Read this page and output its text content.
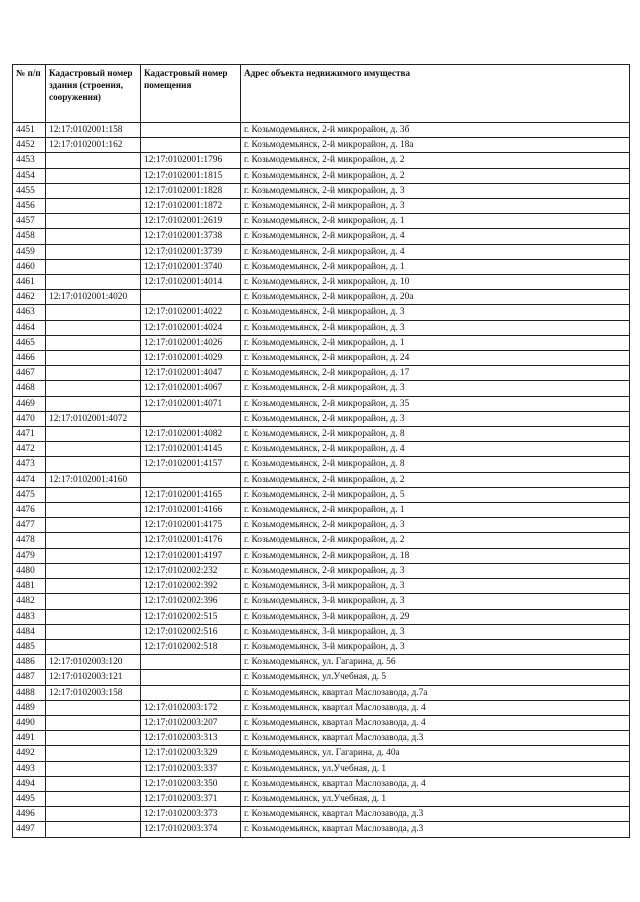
№ п/п	Кадастровый номер здания (строения, сооружения)	Кадастровый номер помещения	Адрес объекта недвижимого имущества
4451	12:17:0102001:158		г. Козьмодемьянск, 2-й микрорайон, д. 3б
4452	12:17:0102001:162		г. Козьмодемьянск, 2-й микрорайон, д. 18а
4453		12:17:0102001:1796	г. Козьмодемьянск, 2-й микрорайон, д. 2
4454		12:17:0102001:1815	г. Козьмодемьянск, 2-й микрорайон, д. 2
4455		12:17:0102001:1828	г. Козьмодемьянск, 2-й микрорайон, д. 3
4456		12:17:0102001:1872	г. Козьмодемьянск, 2-й микрорайон, д. 3
4457		12:17:0102001:2619	г. Козьмодемьянск, 2-й микрорайон, д. 1
4458		12:17:0102001:3738	г. Козьмодемьянск, 2-й микрорайон, д. 4
4459		12:17:0102001:3739	г. Козьмодемьянск, 2-й микрорайон, д. 4
4460		12:17:0102001:3740	г. Козьмодемьянск, 2-й микрорайон, д. 1
4461		12:17:0102001:4014	г. Козьмодемьянск, 2-й микрорайон, д. 10
4462	12:17:0102001:4020		г. Козьмодемьянск, 2-й микрорайон, д. 20а
4463		12:17:0102001:4022	г. Козьмодемьянск, 2-й микрорайон, д. 3
4464		12:17:0102001:4024	г. Козьмодемьянск, 2-й микрорайон, д. 3
4465		12:17:0102001:4026	г. Козьмодемьянск, 2-й микрорайон, д. 1
4466		12:17:0102001:4029	г. Козьмодемьянск, 2-й микрорайон, д. 24
4467		12:17:0102001:4047	г. Козьмодемьянск, 2-й микрорайон, д. 17
4468		12:17:0102001:4067	г. Козьмодемьянск, 2-й микрорайон, д. 3
4469		12:17:0102001:4071	г. Козьмодемьянск, 2-й микрорайон, д. 35
4470	12:17:0102001:4072		г. Козьмодемьянск, 2-й микрорайон, д. 3
4471		12:17:0102001:4082	г. Козьмодемьянск, 2-й микрорайон, д. 8
4472		12:17:0102001:4145	г. Козьмодемьянск, 2-й микрорайон, д. 4
4473		12:17:0102001:4157	г. Козьмодемьянск, 2-й микрорайон, д. 8
4474	12:17:0102001:4160		г. Козьмодемьянск, 2-й микрорайон, д. 2
4475		12:17:0102001:4165	г. Козьмодемьянск, 2-й микрорайон, д. 5
4476		12:17:0102001:4166	г. Козьмодемьянск, 2-й микрорайон, д. 1
4477		12:17:0102001:4175	г. Козьмодемьянск, 2-й микрорайон, д. 3
4478		12:17:0102001:4176	г. Козьмодемьянск, 2-й микрорайон, д. 2
4479		12:17:0102001:4197	г. Козьмодемьянск, 2-й микрорайон, д. 18
4480		12:17:0102002:232	г. Козьмодемьянск, 2-й микрорайон, д. 3
4481		12:17:0102002:392	г. Козьмодемьянск, 3-й микрорайон, д. 3
4482		12:17:0102002:396	г. Козьмодемьянск, 3-й микрорайон, д. 3
4483		12:17:0102002:515	г. Козьмодемьянск, 3-й микрорайон, д. 29
4484		12:17:0102002:516	г. Козьмодемьянск, 3-й микрорайон, д. 3
4485		12:17:0102002:518	г. Козьмодемьянск, 3-й микрорайон, д. 3
4486	12:17:0102003:120		г. Козьмодемьянск, ул. Гагарина, д. 56
4487	12:17:0102003:121		г. Козьмодемьянск, ул.Учебная, д. 5
4488	12:17:0102003:158		г. Козьмодемьянск, квартал Маслозавода, д.7а
4489		12:17:0102003:172	г. Козьмодемьянск, квартал Маслозавода, д. 4
4490		12:17:0102003:207	г. Козьмодемьянск, квартал Маслозавода, д. 4
4491		12:17:0102003:313	г. Козьмодемьянск, квартал Маслозавода, д.3
4492		12:17:0102003:329	г. Козьмодемьянск, ул. Гагарина, д. 40а
4493		12:17:0102003:337	г. Козьмодемьянск, ул.Учебная, д. 1
4494		12:17:0102003:350	г. Козьмодемьянск, квартал Маслозавода, д. 4
4495		12:17:0102003:371	г. Козьмодемьянск, ул.Учебная, д. 1
4496		12:17:0102003:373	г. Козьмодемьянск, квартал Маслозавода, д.3
4497		12:17:0102003:374	г. Козьмодемьянск, квартал Маслозавода, д.3
